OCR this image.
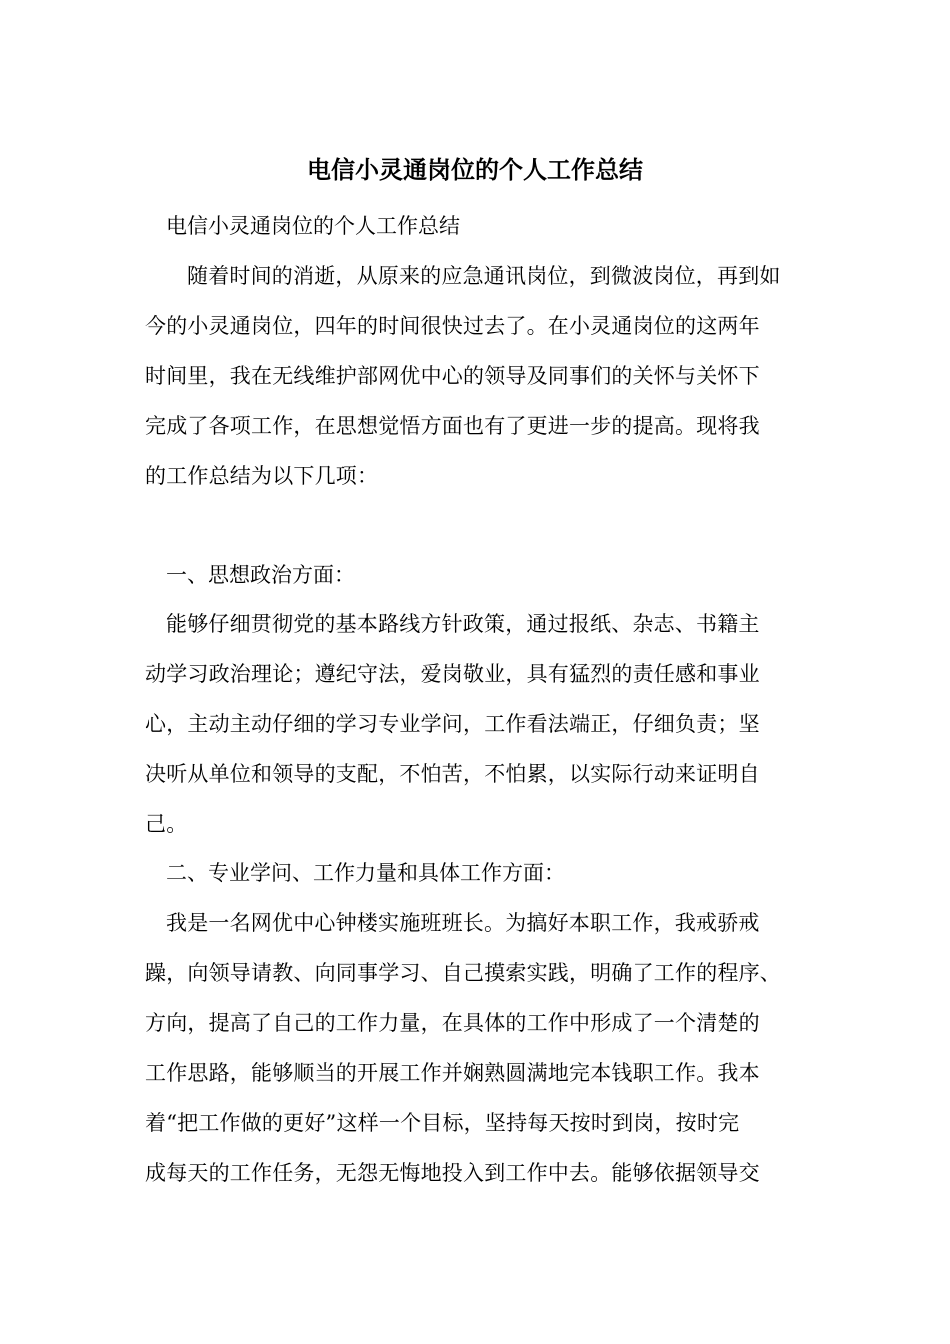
电信小灵通岗位的个人工作总结
电信小灵通岗位的个人工作总结
随着时间的消逝，从原来的应急通讯岗位，到微波岗位，再到如
今的小灵通岗位，四年的时间很快过去了。在小灵通岗位的这两年
时间里，我在无线维护部网优中心的领导及同事们的关怀与关怀下
完成了各项工作，在思想觉悟方面也有了更进一步的提高。现将我
的工作总结为以下几项：
一、思想政治方面：
能够仔细贯彻党的基本路线方针政策，通过报纸、杂志、书籍主
动学习政治理论；遵纪守法，爱岗敬业，具有猛烈的责任感和事业
心，主动主动仔细的学习专业学问，工作看法端正，仔细负责；坚
决听从单位和领导的支配，不怕苦，不怕累，以实际行动来证明自
己。
二、专业学问、工作力量和具体工作方面：
我是一名网优中心钟楼实施班班长。为搞好本职工作，我戒骄戒
躁，向领导请教、向同事学习、自己摸索实践，明确了工作的程序、
方向，提高了自己的工作力量，在具体的工作中形成了一个清楚的
工作思路，能够顺当的开展工作并娴熟圆满地完本钱职工作。我本
着“把工作做的更好”这样一个目标，坚持每天按时到岗，按时完
成每天的工作任务，无怨无悔地投入到工作中去。能够依据领导交
